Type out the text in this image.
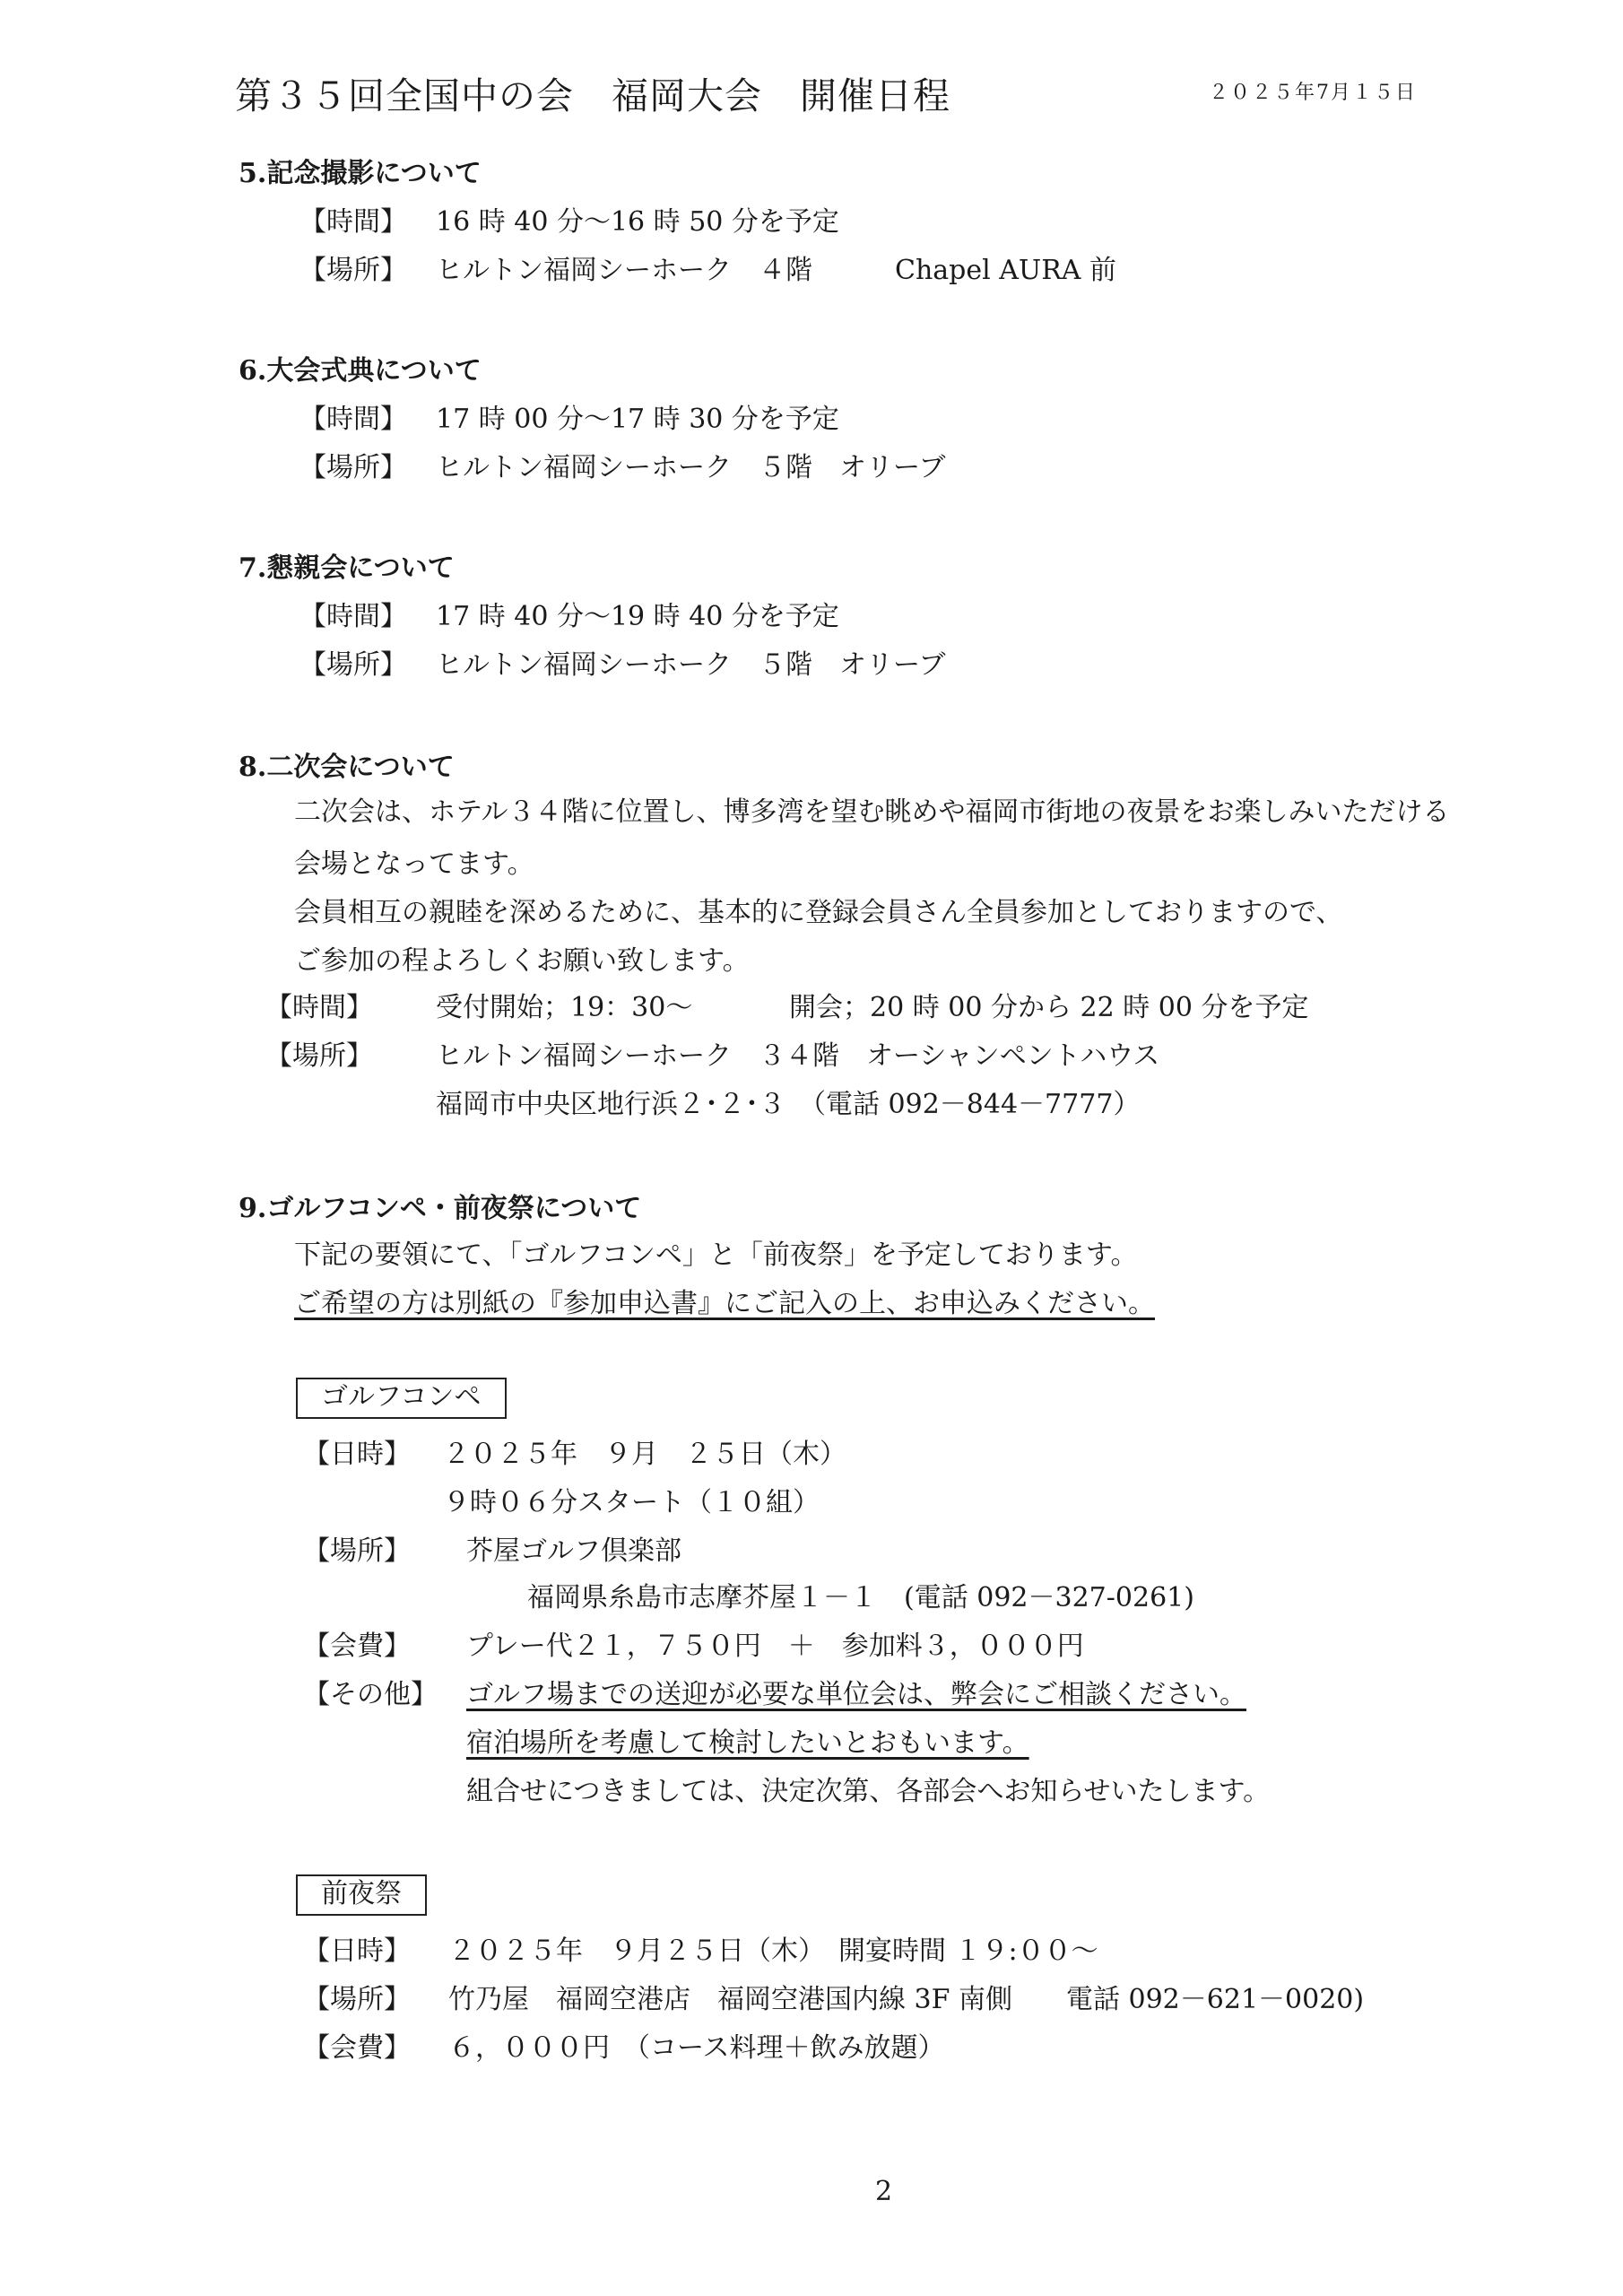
第３５回全国中の会　福岡大会　開催日程	２０２５年7月１５日
5.記念撮影について
【時間】 16 時 40 分～16 時 50 分を予定
【場所】 ヒルトン福岡シーホーク　４階	Chapel AURA 前
6.大会式典について
【時間】 17 時 00 分～17 時 30 分を予定
【場所】 ヒルトン福岡シーホーク　５階　オリーブ
7.懇親会について
【時間】 17 時 40 分～19 時 40 分を予定
【場所】 ヒルトン福岡シーホーク　５階　オリーブ
8.二次会について
二次会は、ホテル３４階に位置し、博多湾を望む眺めや福岡市街地の夜景をお楽しみいただける
会場となってます。
会員相互の親睦を深めるために、基本的に登録会員さん全員参加としておりますので、
ご参加の程よろしくお願い致します。
【時間】 受付開始；19：30～	開会；20 時 00 分から 22 時 00 分を予定
【場所】 ヒルトン福岡シーホーク　３４階　オーシャンペントハウス
福岡市中央区地行浜２･２･３　（電話 092－844－7777）
9.ゴルフコンペ・前夜祭について
下記の要領にて、「ゴルフコンペ」と「前夜祭」を予定しております。
ご希望の方は別紙の『参加申込書』にご記入の上、お申込みください。
ゴルフコンペ
【日時】 ２０２５年　９月　２５日（木）
９時０６分スタート（１０組）
【場所】 芥屋ゴルフ倶楽部
福岡県糸島市志摩芥屋１－１　(電話 092－327-0261)
【会費】 プレー代２１，７５０円　＋　参加料３，０００円
【その他】 ゴルフ場までの送迎が必要な単位会は、弊会にご相談ください。
宿泊場所を考慮して検討したいとおもいます。
組合せにつきましては、決定次第、各部会へお知らせいたします。
前夜祭
【日時】 ２０２５年　９月２５日（木）　開宴時間 １９:００～
【場所】 竹乃屋　福岡空港店　福岡空港国内線 3F 南側　　電話 092－621－0020)
【会費】 ６，０００円　（コース料理＋飲み放題）
2
